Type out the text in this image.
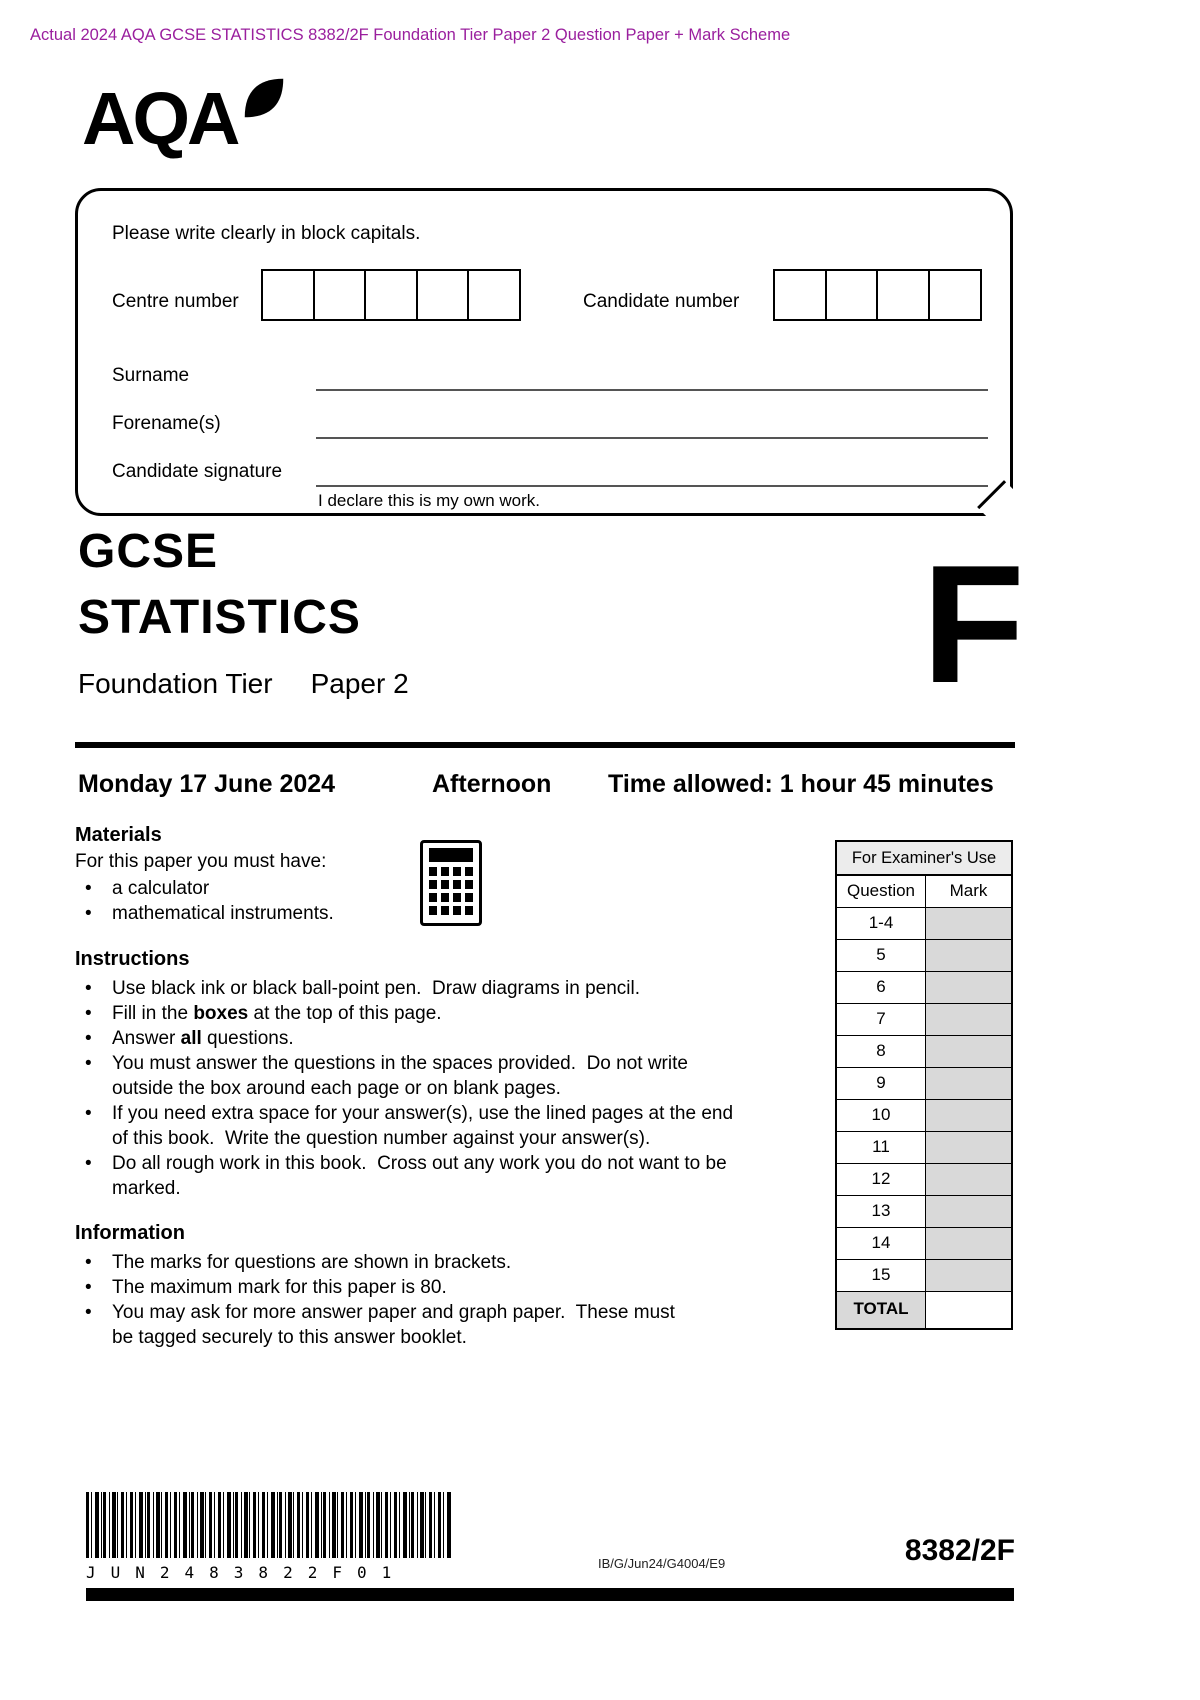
Actual 2024 AQA GCSE STATISTICS 8382/2F Foundation Tier Paper 2 Question Paper + Mark Scheme
AQA
Please write clearly in block capitals.
Centre number	Candidate number
Surname
Forename(s)
Candidate signature
I declare this is my own work.
GCSE
STATISTICS	F
Foundation Tier Paper 2
Monday 17 June 2024	Afternoon Time allowed: 1 hour 45 minutes
Materials
For this paper you must have:
• a calculator
• mathematical instruments.
Instructions
• Use black ink or black ball-point pen.  Draw diagrams in pencil.
• Fill in the boxes at the top of this page.
• Answer all questions.
• You must answer the questions in the spaces provided.  Do not write outside the box around each page or on blank pages.
• If you need extra space for your answer(s), use the lined pages at the end of this book.  Write the question number against your answer(s).
• Do all rough work in this book.  Cross out any work you do not want to be marked.
Information
• The marks for questions are shown in brackets.
• The maximum mark for this paper is 80.
• You may ask for more answer paper and graph paper.  These must be tagged securely to this answer booklet.
For Examiner's Use
Question	Mark
1-4
5
6
7
8
9
10
11
12
13
14
15
TOTAL
JUN2483822F01	IB/G/Jun24/G4004/E9	8382/2F
